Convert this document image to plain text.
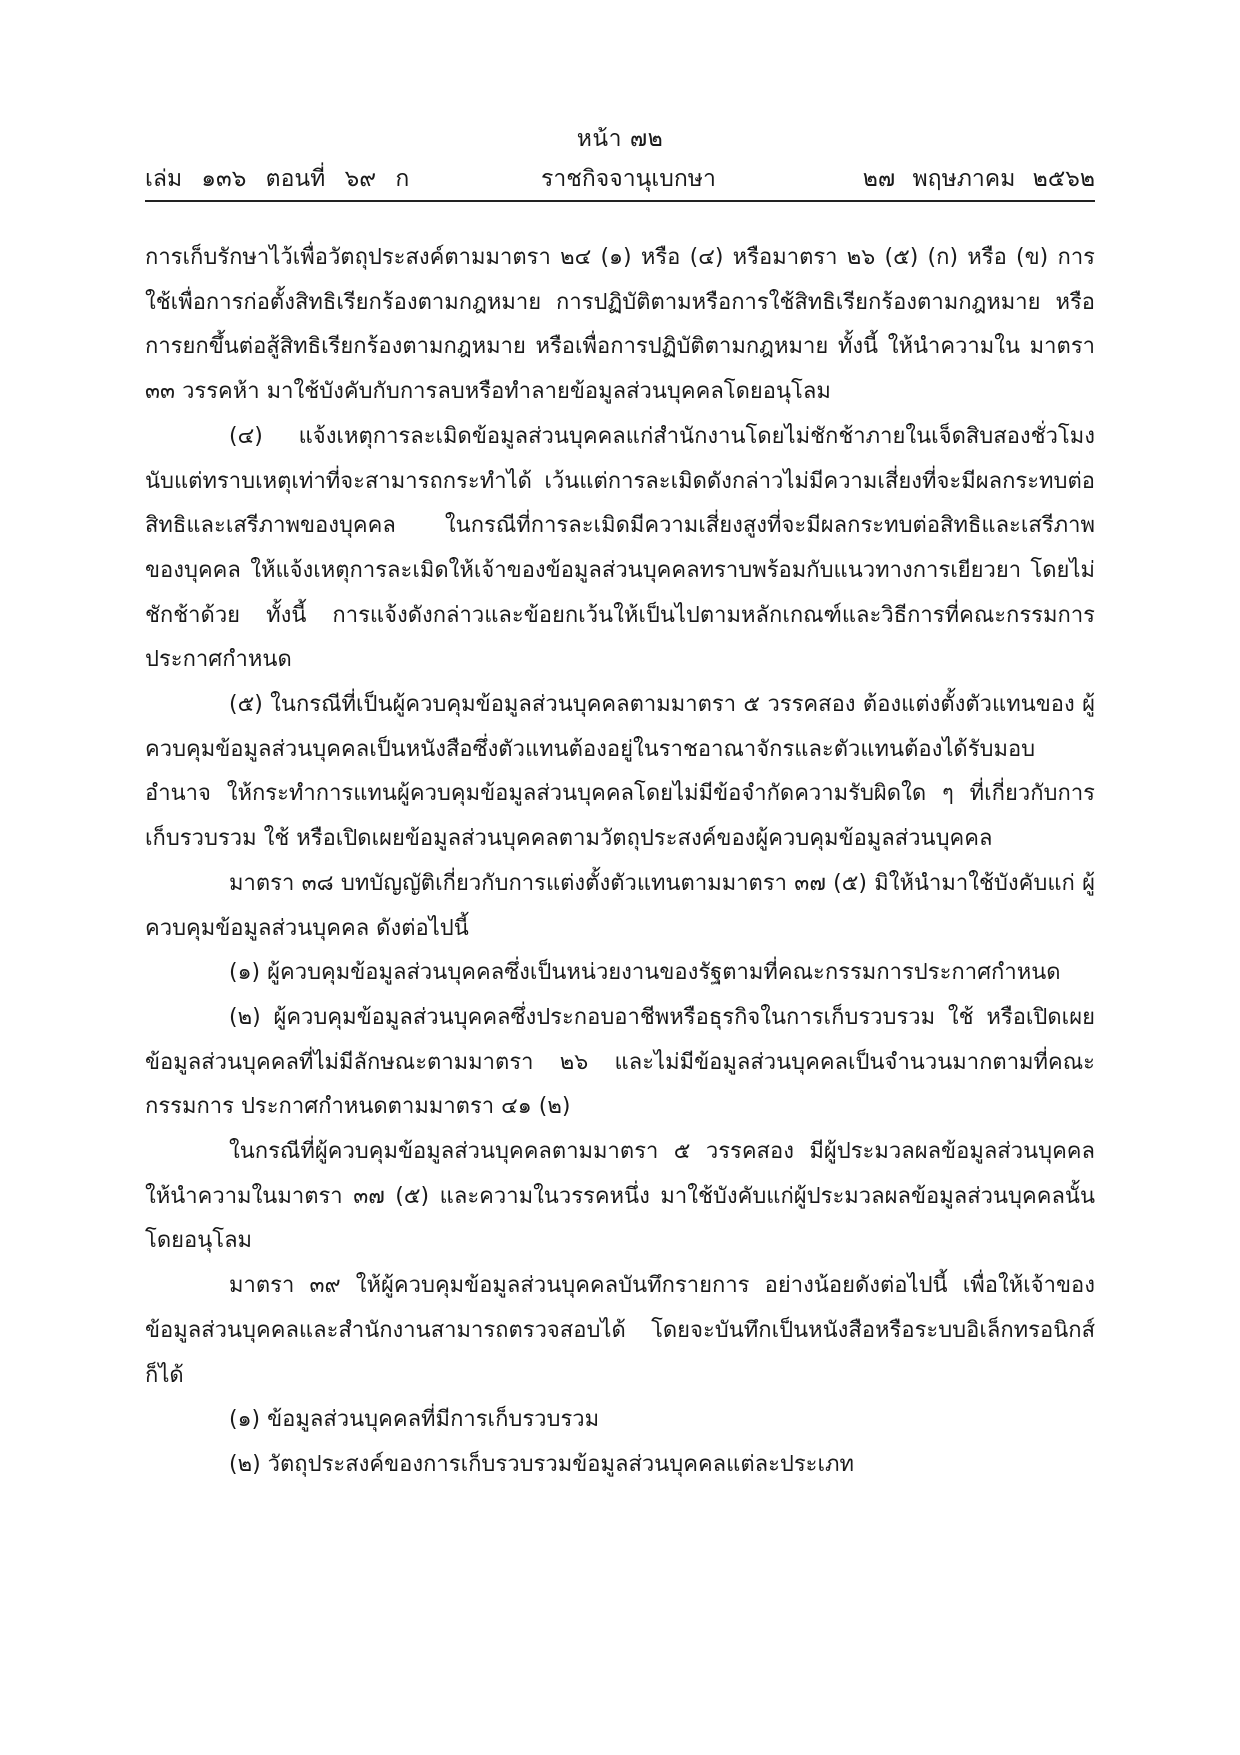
หน้า ๗๒
เล่ม ๑๓๖ ตอนที่ ๖๙ ก	ราชกิจจานุเบกษา	๒๗ พฤษภาคม ๒๕๖๒

การเก็บรักษาไว้เพื่อวัตถุประสงค์ตามมาตรา ๒๔ (๑) หรือ (๔) หรือมาตรา ๒๖ (๕) (ก) หรือ (ข) การใช้เพื่อการก่อตั้งสิทธิเรียกร้องตามกฎหมาย การปฏิบัติตามหรือการใช้สิทธิเรียกร้องตามกฎหมาย หรือการยกขึ้นต่อสู้สิทธิเรียกร้องตามกฎหมาย หรือเพื่อการปฏิบัติตามกฎหมาย ทั้งนี้ ให้นำความใน มาตรา ๓๓ วรรคห้า มาใช้บังคับกับการลบหรือทำลายข้อมูลส่วนบุคคลโดยอนุโลม

(๔) แจ้งเหตุการละเมิดข้อมูลส่วนบุคคลแก่สำนักงานโดยไม่ชักช้าภายในเจ็ดสิบสองชั่วโมง นับแต่ทราบเหตุเท่าที่จะสามารถกระทำได้ เว้นแต่การละเมิดดังกล่าวไม่มีความเสี่ยงที่จะมีผลกระทบต่อ สิทธิและเสรีภาพของบุคคล ในกรณีที่การละเมิดมีความเสี่ยงสูงที่จะมีผลกระทบต่อสิทธิและเสรีภาพ ของบุคคล ให้แจ้งเหตุการละเมิดให้เจ้าของข้อมูลส่วนบุคคลทราบพร้อมกับแนวทางการเยียวยา โดยไม่ชักช้าด้วย ทั้งนี้ การแจ้งดังกล่าวและข้อยกเว้นให้เป็นไปตามหลักเกณฑ์และวิธีการที่คณะกรรมการ ประกาศกำหนด

(๕) ในกรณีที่เป็นผู้ควบคุมข้อมูลส่วนบุคคลตามมาตรา ๕ วรรคสอง ต้องแต่งตั้งตัวแทนของ ผู้ควบคุมข้อมูลส่วนบุคคลเป็นหนังสือซึ่งตัวแทนต้องอยู่ในราชอาณาจักรและตัวแทนต้องได้รับมอบอำนาจ ให้กระทำการแทนผู้ควบคุมข้อมูลส่วนบุคคลโดยไม่มีข้อจำกัดความรับผิดใด ๆ ที่เกี่ยวกับการเก็บรวบรวม ใช้ หรือเปิดเผยข้อมูลส่วนบุคคลตามวัตถุประสงค์ของผู้ควบคุมข้อมูลส่วนบุคคล

มาตรา ๓๘ บทบัญญัติเกี่ยวกับการแต่งตั้งตัวแทนตามมาตรา ๓๗ (๕) มิให้นำมาใช้บังคับแก่ ผู้ควบคุมข้อมูลส่วนบุคคล ดังต่อไปนี้

(๑) ผู้ควบคุมข้อมูลส่วนบุคคลซึ่งเป็นหน่วยงานของรัฐตามที่คณะกรรมการประกาศกำหนด

(๒) ผู้ควบคุมข้อมูลส่วนบุคคลซึ่งประกอบอาชีพหรือธุรกิจในการเก็บรวบรวม ใช้ หรือเปิดเผย ข้อมูลส่วนบุคคลที่ไม่มีลักษณะตามมาตรา ๒๖ และไม่มีข้อมูลส่วนบุคคลเป็นจำนวนมากตามที่คณะกรรมการ ประกาศกำหนดตามมาตรา ๔๑ (๒)

ในกรณีที่ผู้ควบคุมข้อมูลส่วนบุคคลตามมาตรา ๕ วรรคสอง มีผู้ประมวลผลข้อมูลส่วนบุคคล ให้นำความในมาตรา ๓๗ (๕) และความในวรรคหนึ่ง มาใช้บังคับแก่ผู้ประมวลผลข้อมูลส่วนบุคคลนั้น โดยอนุโลม

มาตรา ๓๙ ให้ผู้ควบคุมข้อมูลส่วนบุคคลบันทึกรายการ อย่างน้อยดังต่อไปนี้ เพื่อให้เจ้าของ ข้อมูลส่วนบุคคลและสำนักงานสามารถตรวจสอบได้ โดยจะบันทึกเป็นหนังสือหรือระบบอิเล็กทรอนิกส์ ก็ได้

(๑) ข้อมูลส่วนบุคคลที่มีการเก็บรวบรวม

(๒) วัตถุประสงค์ของการเก็บรวบรวมข้อมูลส่วนบุคคลแต่ละประเภท
